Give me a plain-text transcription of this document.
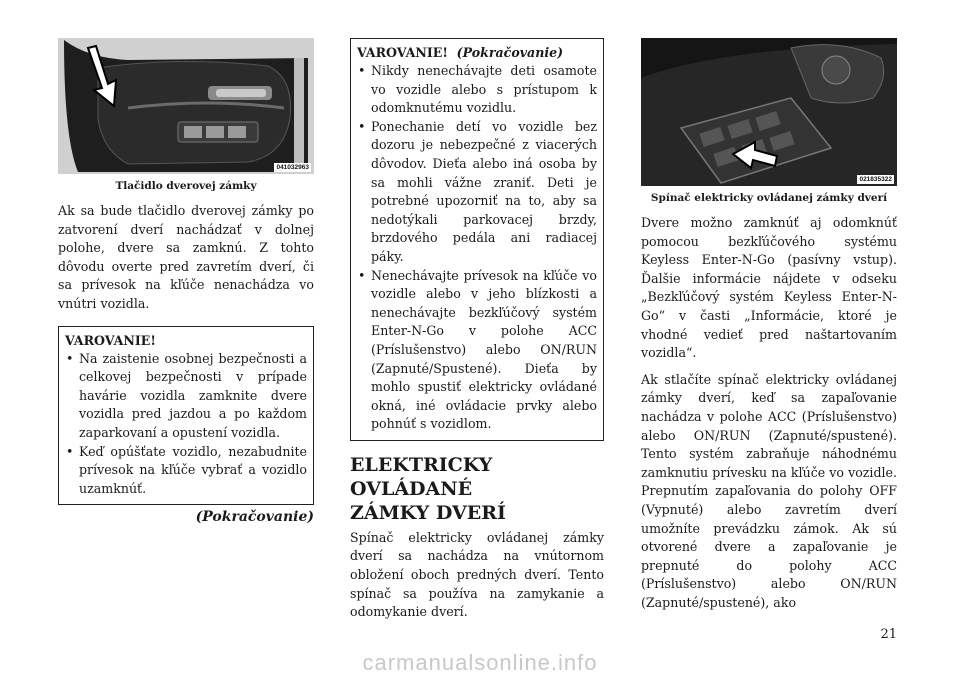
041032963
Tlačidlo dverovej zámky

Ak sa bude tlačidlo dverovej zámky po zatvorení dverí nachádzať v dolnej polohe, dvere sa zamknú. Z tohto dôvodu overte pred zavretím dverí, či sa prívesok na kľúče nenachádza vo vnútri vozidla.

VAROVANIE!
• Na zaistenie osobnej bezpečnosti a celkovej bezpečnosti v prípade havárie vozidla zamknite dvere vozidla pred jazdou a po každom zaparkovaní a opustení vozidla.
• Keď opúšťate vozidlo, nezabudnite prívesok na kľúče vybrať a vozidlo uzamknúť.
(Pokračovanie)
VAROVANIE! (Pokračovanie)
• Nikdy nenechávajte deti osamote vo vozidle alebo s prístupom k odomknutému vozidlu.
• Ponechanie detí vo vozidle bez dozoru je nebezpečné z viacerých dôvodov. Dieťa alebo iná osoba by sa mohli vážne zraniť. Deti je potrebné upozorniť na to, aby sa nedotýkali parkovacej brzdy, brzdového pedála ani radiacej páky.
• Nenechávajte prívesok na kľúče vo vozidle alebo v jeho blízkosti a nenechávajte bezkľúčový systém Enter-N-Go v polohe ACC (Príslušenstvo) alebo ON/RUN (Zapnuté/Spustené). Dieťa by mohlo spustiť elektricky ovládané okná, iné ovládacie prvky alebo pohnúť s vozidlom.
ELEKTRICKY OVLÁDANÉ
ZÁMKY DVERÍ

Spínač elektricky ovládanej zámky dverí sa nachádza na vnútornom obložení oboch predných dverí. Tento spínač sa používa na zamykanie a odomykanie dverí.

021835322
Spínač elektricky ovládanej zámky dverí

Dvere možno zamknúť aj odomknúť pomocou bezkľúčového systému Keyless Enter-N-Go (pasívny vstup). Ďalšie informácie nájdete v odseku „Bezkľúčový systém Keyless Enter-N-Go“ v časti „Informácie, ktoré je vhodné vedieť pred naštartovaním vozidla“.

Ak stlačíte spínač elektricky ovládanej zámky dverí, keď sa zapaľovanie nachádza v polohe ACC (Príslušenstvo) alebo ON/RUN (Zapnuté/spustené). Tento systém zabraňuje náhodnému zamknutiu prívesku na kľúče vo vozidle. Prepnutím zapaľovania do polohy OFF (Vypnuté) alebo zavretím dverí umožníte prevádzku zámok. Ak sú otvorené dvere a zapaľovanie je prepnuté do polohy ACC (Príslušenstvo) alebo ON/RUN (Zapnuté/spustené), ako

21
carmanualsonline.info
